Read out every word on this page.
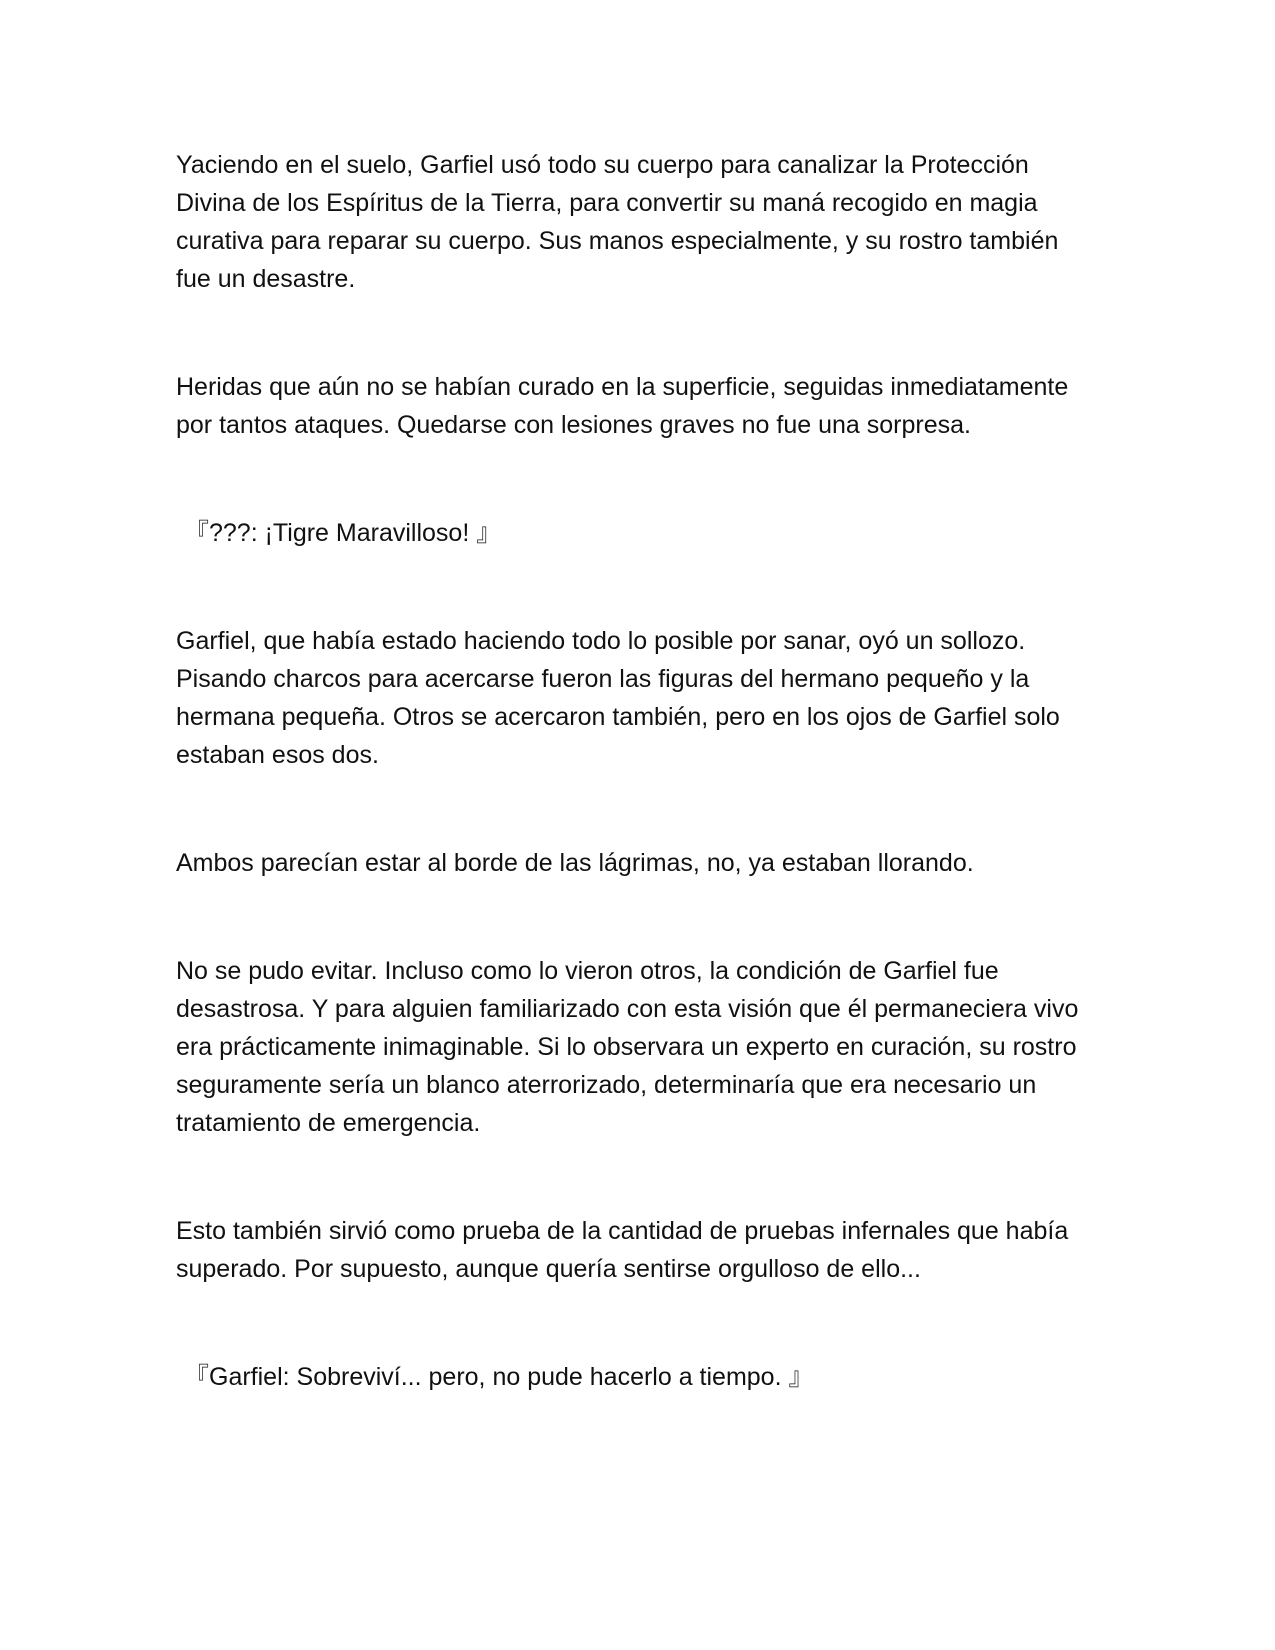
Yaciendo en el suelo, Garfiel usó todo su cuerpo para canalizar la Protección Divina de los Espíritus de la Tierra, para convertir su maná recogido en magia curativa para reparar su cuerpo. Sus manos especialmente, y su rostro también fue un desastre.

Heridas que aún no se habían curado en la superficie, seguidas inmediatamente por tantos ataques. Quedarse con lesiones graves no fue una sorpresa.

『???: ¡Tigre Maravilloso! 』

Garfiel, que había estado haciendo todo lo posible por sanar, oyó un sollozo. Pisando charcos para acercarse fueron las figuras del hermano pequeño y la hermana pequeña. Otros se acercaron también, pero en los ojos de Garfiel solo estaban esos dos.

Ambos parecían estar al borde de las lágrimas, no, ya estaban llorando.

No se pudo evitar. Incluso como lo vieron otros, la condición de Garfiel fue desastrosa. Y para alguien familiarizado con esta visión que él permaneciera vivo era prácticamente inimaginable. Si lo observara un experto en curación, su rostro seguramente sería un blanco aterrorizado, determinaría que era necesario un tratamiento de emergencia.

Esto también sirvió como prueba de la cantidad de pruebas infernales que había superado. Por supuesto, aunque quería sentirse orgulloso de ello...

『Garfiel: Sobreviví... pero, no pude hacerlo a tiempo. 』
